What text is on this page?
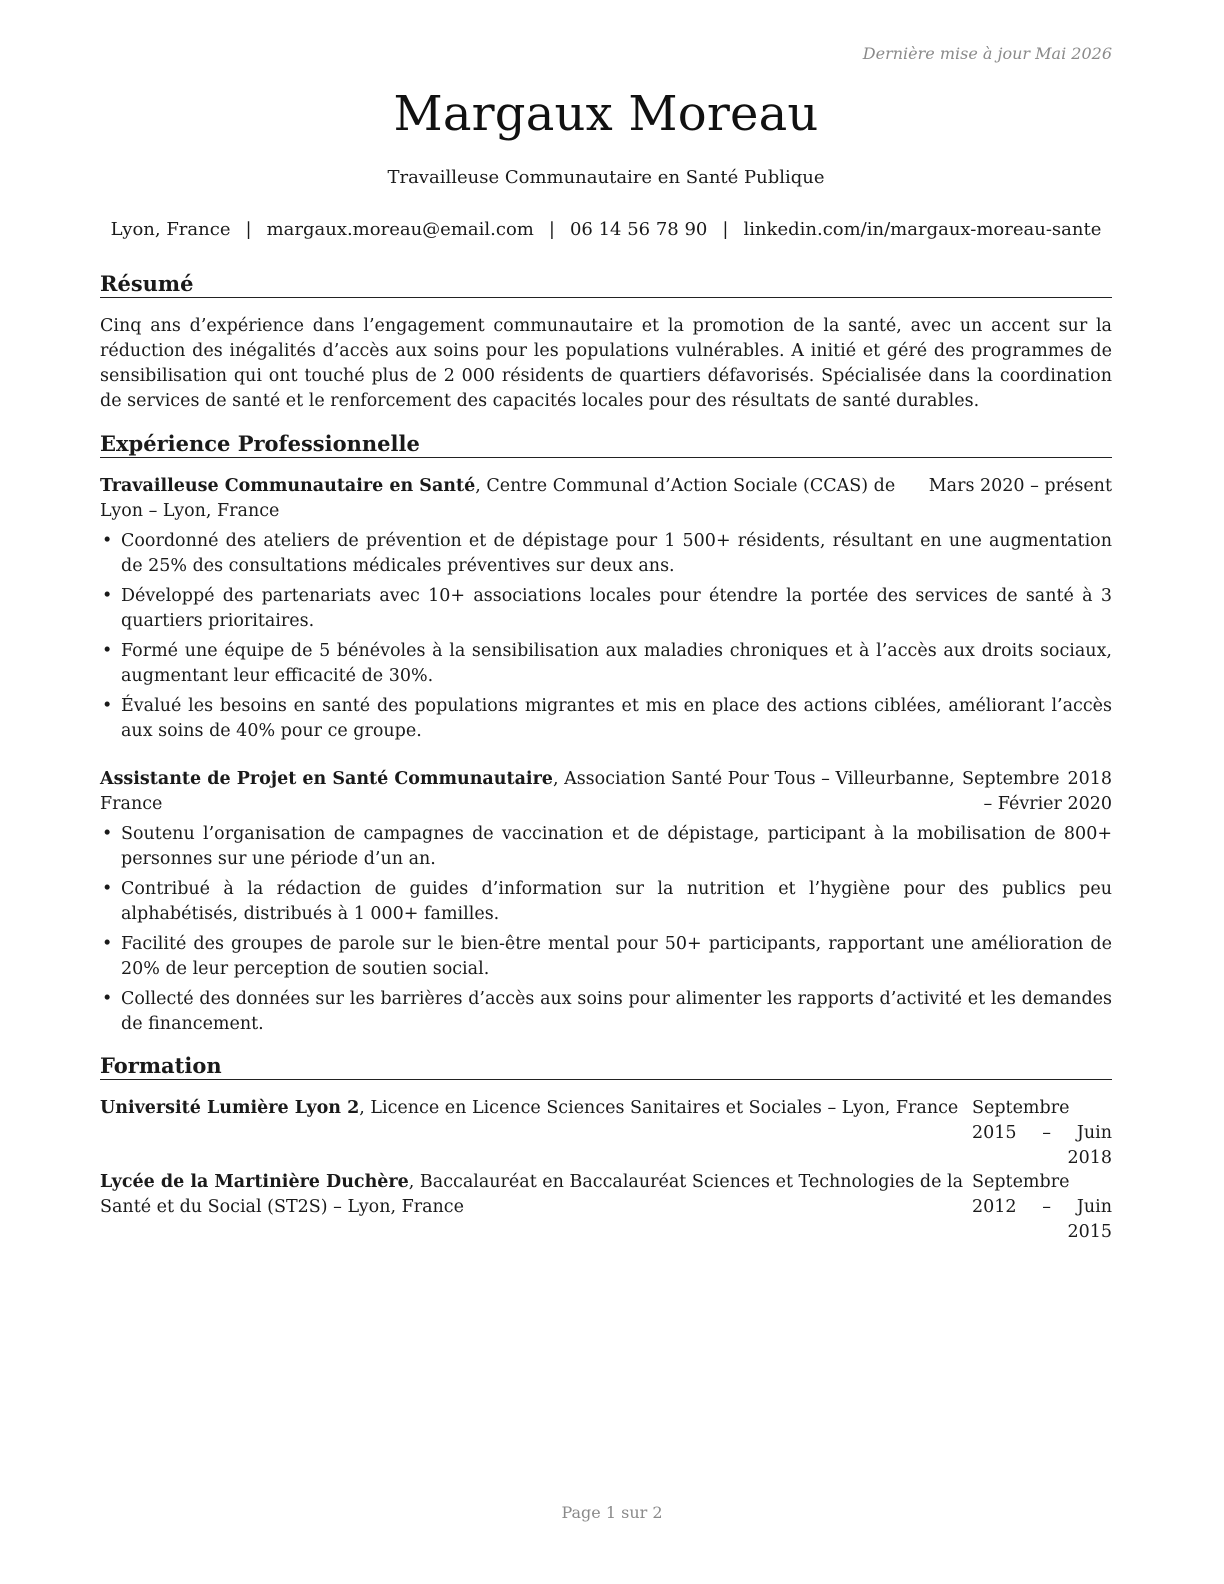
Dernière mise à jour Mai 2026
Margaux Moreau
Travailleuse Communautaire en Santé Publique
Lyon, France | margaux.moreau@email.com | 06 14 56 78 90 | linkedin.com/in/margaux-moreau-sante
Résumé
Cinq ans d’expérience dans l’engagement communautaire et la promotion de la santé, avec un accent sur la réduction des inégalités d’accès aux soins pour les populations vulnérables. A initié et géré des programmes de sensibilisation qui ont touché plus de 2 000 résidents de quartiers défavorisés. Spécialisée dans la coordination de services de santé et le renforcement des capacités locales pour des résultats de santé durables.
Expérience Professionnelle
Mars 2020 – présent
Travailleuse Communautaire en Santé, Centre Communal d’Action Sociale (CCAS) de Lyon – Lyon, France
• Coordonné des ateliers de prévention et de dépistage pour 1 500+ résidents, résultant en une augmentation de 25% des consultations médicales préventives sur deux ans.
• Développé des partenariats avec 10+ associations locales pour étendre la portée des services de santé à 3 quartiers prioritaires.
• Formé une équipe de 5 bénévoles à la sensibilisation aux maladies chroniques et à l’accès aux droits sociaux, augmentant leur efficacité de 30%.
• Évalué les besoins en santé des populations migrantes et mis en place des actions ciblées, améliorant l’accès aux soins de 40% pour ce groupe.
Septembre 2018 – Février 2020
Assistante de Projet en Santé Communautaire, Association Santé Pour Tous – Villeurbanne, France
• Soutenu l’organisation de campagnes de vaccination et de dépistage, participant à la mobilisation de 800+ personnes sur une période d’un an.
• Contribué à la rédaction de guides d’information sur la nutrition et l’hygiène pour des publics peu alphabétisés, distribués à 1 000+ familles.
• Facilité des groupes de parole sur le bien-être mental pour 50+ participants, rapportant une amélioration de 20% de leur perception de soutien social.
• Collecté des données sur les barrières d’accès aux soins pour alimenter les rapports d’activité et les demandes de financement.
Formation
Septembre 2015 – Juin 2018
Université Lumière Lyon 2, Licence en Licence Sciences Sanitaires et Sociales – Lyon, France
Septembre 2012 – Juin 2015
Lycée de la Martinière Duchère, Baccalauréat en Baccalauréat Sciences et Technologies de la Santé et du Social (ST2S) – Lyon, France
Page 1 sur 2
